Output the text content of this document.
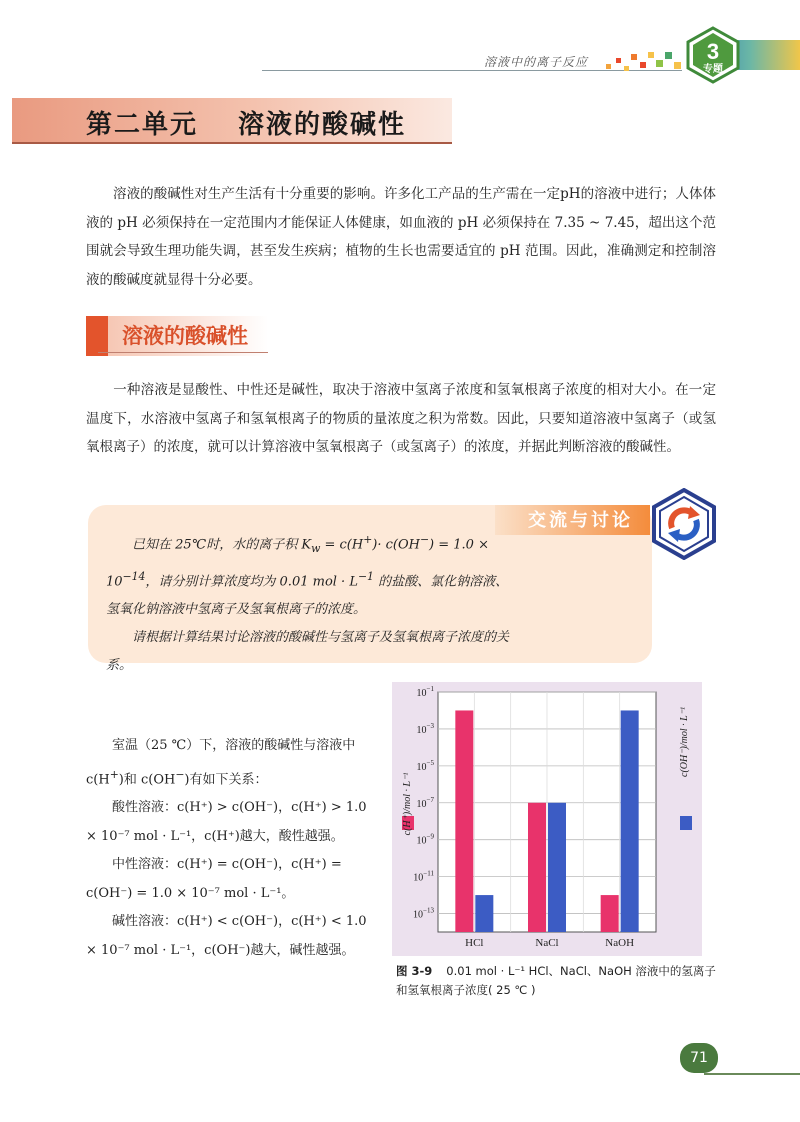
溶液中的离子反应	3
专题
第二单元 溶液的酸碱性

  溶液的酸碱性对生产生活有十分重要的影响。许多化工产品的生产需在一定pH的溶液中进行；人体体液的 pH 必须保持在一定范围内才能保证人体健康，如血液的 pH 必须保持在 7.35 ~ 7.45，超出这个范围就会导致生理功能失调，甚至发生疾病；植物的生长也需要适宜的 pH 范围。因此，准确测定和控制溶液的酸碱度就显得十分必要。

溶液的酸碱性

  一种溶液是显酸性、中性还是碱性，取决于溶液中氢离子浓度和氢氧根离子浓度的相对大小。在一定温度下，水溶液中氢离子和氢氧根离子的物质的量浓度之积为常数。因此，只要知道溶液中氢离子（或氢氧根离子）的浓度，就可以计算溶液中氢氧根离子（或氢离子）的浓度，并据此判断溶液的酸碱性。

交流与讨论
  已知在 25℃时，水的离子积 $K_w = c(H^+)\cdot c(OH^-) = 1.0 \times 10^{-14}$，请分别计算浓度均为 0.01 mol · $L^{-1}$ 的盐酸、氯化钠溶液、氢氧化钠溶液中氢离子及氢氧根离子的浓度。
  请根据计算结果讨论溶液的酸碱性与氢离子及氢氧根离子浓度的关系。
  室温（25 ℃）下，溶液的酸碱性与溶液中 c(H+)和 c(OH−)有如下关系：
  酸性溶液：c(H⁺) > c(OH⁻)，c(H⁺) > 1.0 × 10⁻⁷ mol · L⁻¹，c(H⁺)越大，酸性越强。
  中性溶液：c(H⁺) = c(OH⁻)，c(H⁺) = c(OH⁻) = 1.0 × 10⁻⁷ mol · L⁻¹。
  碱性溶液：c(H⁺) < c(OH⁻)，c(H⁺) < 1.0 × 10⁻⁷ mol · L⁻¹，c(OH⁻)越大，碱性越强。
$10^{-1}$
$10^{-3}$
$10^{-5}$
$10^{-7}$
$10^{-9}$
$10^{-11}$
$10^{-13}$
HCl	NaCl	NaOH
c(H⁺)/mol · L⁻¹
c(OH⁻)/mol · L⁻¹
图 3-9 0.01 mol · L⁻¹ HCl、NaCl、NaOH 溶液中的氢离子和氢氧根离子浓度( 25 ℃ )
71
